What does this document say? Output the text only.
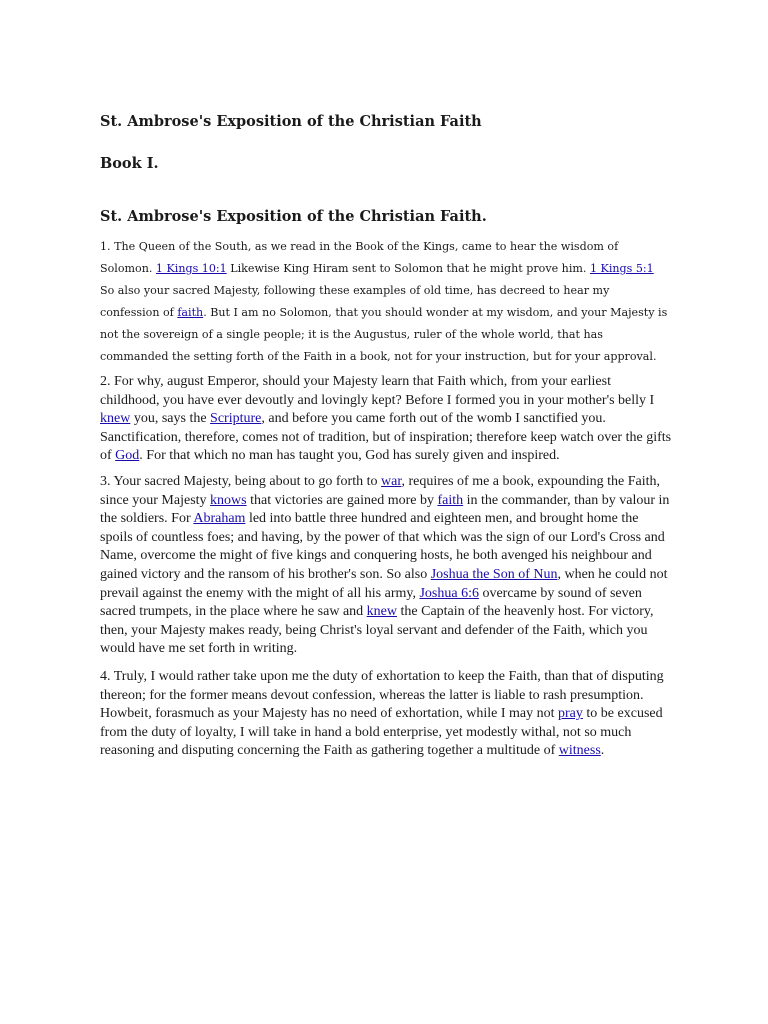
St. Ambrose's Exposition of the Christian Faith
Book I.
St. Ambrose's Exposition of the Christian Faith.

1. The Queen of the South, as we read in the Book of the Kings, came to hear the wisdom of Solomon. 1 Kings 10:1 Likewise King Hiram sent to Solomon that he might prove him. 1 Kings 5:1 So also your sacred Majesty, following these examples of old time, has decreed to hear my confession of faith. But I am no Solomon, that you should wonder at my wisdom, and your Majesty is not the sovereign of a single people; it is the Augustus, ruler of the whole world, that has commanded the setting forth of the Faith in a book, not for your instruction, but for your approval.

2. For why, august Emperor, should your Majesty learn that Faith which, from your earliest childhood, you have ever devoutly and lovingly kept? Before I formed you in your mother's belly I knew you, says the Scripture, and before you came forth out of the womb I sanctified you. Sanctification, therefore, comes not of tradition, but of inspiration; therefore keep watch over the gifts of God. For that which no man has taught you, God has surely given and inspired.

3. Your sacred Majesty, being about to go forth to war, requires of me a book, expounding the Faith, since your Majesty knows that victories are gained more by faith in the commander, than by valour in the soldiers. For Abraham led into battle three hundred and eighteen men, and brought home the spoils of countless foes; and having, by the power of that which was the sign of our Lord's Cross and Name, overcome the might of five kings and conquering hosts, he both avenged his neighbour and gained victory and the ransom of his brother's son. So also Joshua the Son of Nun, when he could not prevail against the enemy with the might of all his army, Joshua 6:6 overcame by sound of seven sacred trumpets, in the place where he saw and knew the Captain of the heavenly host. For victory, then, your Majesty makes ready, being Christ's loyal servant and defender of the Faith, which you would have me set forth in writing.

4. Truly, I would rather take upon me the duty of exhortation to keep the Faith, than that of disputing thereon; for the former means devout confession, whereas the latter is liable to rash presumption. Howbeit, forasmuch as your Majesty has no need of exhortation, while I may not pray to be excused from the duty of loyalty, I will take in hand a bold enterprise, yet modestly withal, not so much reasoning and disputing concerning the Faith as gathering together a multitude of witness.
